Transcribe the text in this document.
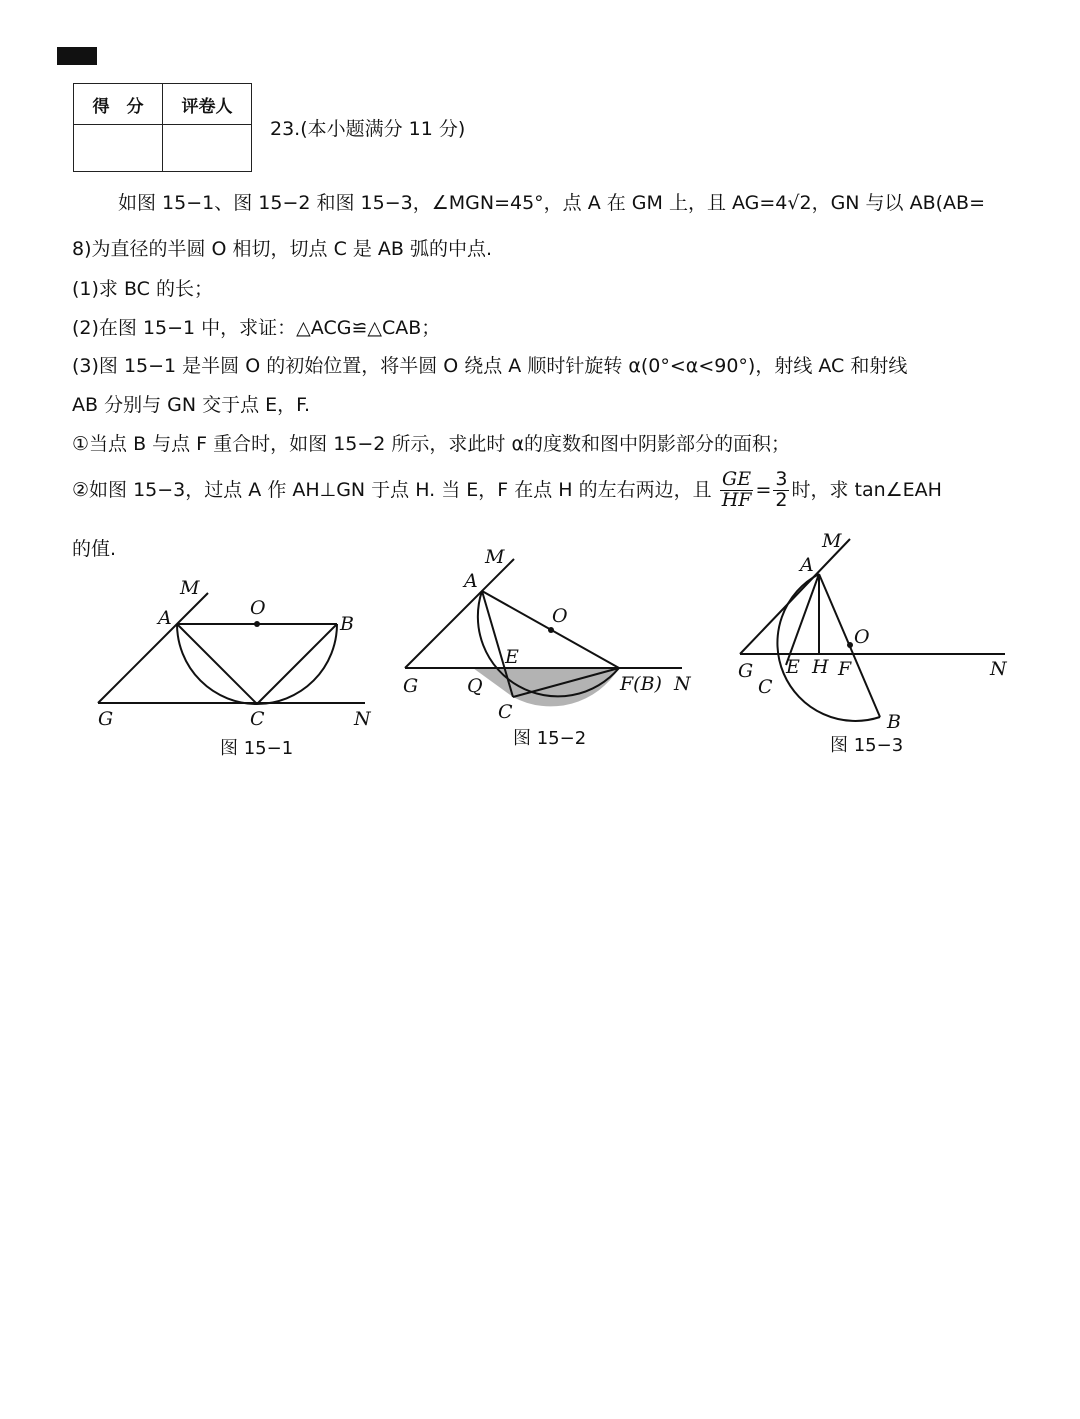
得　分	评卷人

23.(本小题满分 11 分)
如图 15−1、图 15−2 和图 15−3，∠MGN=45°，点 A 在 GM 上，且 AG=4√2，GN 与以 AB(AB=
8)为直径的半圆 O 相切，切点 C 是 AB 弧的中点.
(1)求 BC 的长；
(2)在图 15−1 中，求证：△ACG≌△CAB；
(3)图 15−1 是半圆 O 的初始位置，将半圆 O 绕点 A 顺时针旋转 α(0°<α<90°)，射线 AC 和射线
AB 分别与 GN 交于点 E，F.
①当点 B 与点 F 重合时，如图 15−2 所示，求此时 α的度数和图中阴影部分的面积；
②如图 15−3，过点 A 作 AH⊥GN 于点 H. 当 E，F 在点 H 的左右两边，且 $\frac{GE}{HF} = \frac{3}{2}$ 时，求 tan∠EAH
的值.
M
A	O
B
G	C	N
图 15−1
M
A
O
E
G	Q
C
F(B) N
图 15−2
M
A
O
G E H F
C
B
N
图 15−3
